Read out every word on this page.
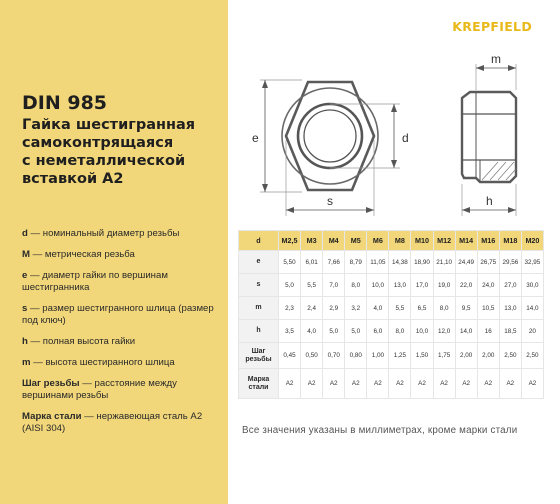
DIN 985
Гайка шестигранная
самоконтрящаяся
с неметаллической
вставкой А2
d — номинальный диаметр резьбы
М — метрическая резьба
е — диаметр гайки по вершинам шестигранника
s — размер шестигранного шлица (размер под ключ)
h — полная высота гайки
m — высота шестиранного шлица
Шаг резьбы — расстояние между вершинами резьбы
Марка стали — нержавеющая сталь А2 (AISI 304)
KREPFIELD
e	d
s
m
h
d	M2,5	M3	M4	M5	M6	M8	M10	M12	M14	M16	M18	M20
e	5,50	6,01	7,66	8,79	11,05	14,38	18,90	21,10	24,49	26,75	29,56	32,95
s	5,0	5,5	7,0	8,0	10,0	13,0	17,0	19,0	22,0	24,0	27,0	30,0
m	2,3	2,4	2,9	3,2	4,0	5,5	6,5	8,0	9,5	10,5	13,0	14,0
h	3,5	4,0	5,0	5,0	6,0	8,0	10,0	12,0	14,0	16	18,5	20
Шаг резьбы	0,45	0,50	0,70	0,80	1,00	1,25	1,50	1,75	2,00	2,00	2,50	2,50
Марка стали	A2	A2	A2	A2	A2	A2	A2	A2	A2	A2	A2	A2
Все значения указаны в миллиметрах, кроме марки стали
